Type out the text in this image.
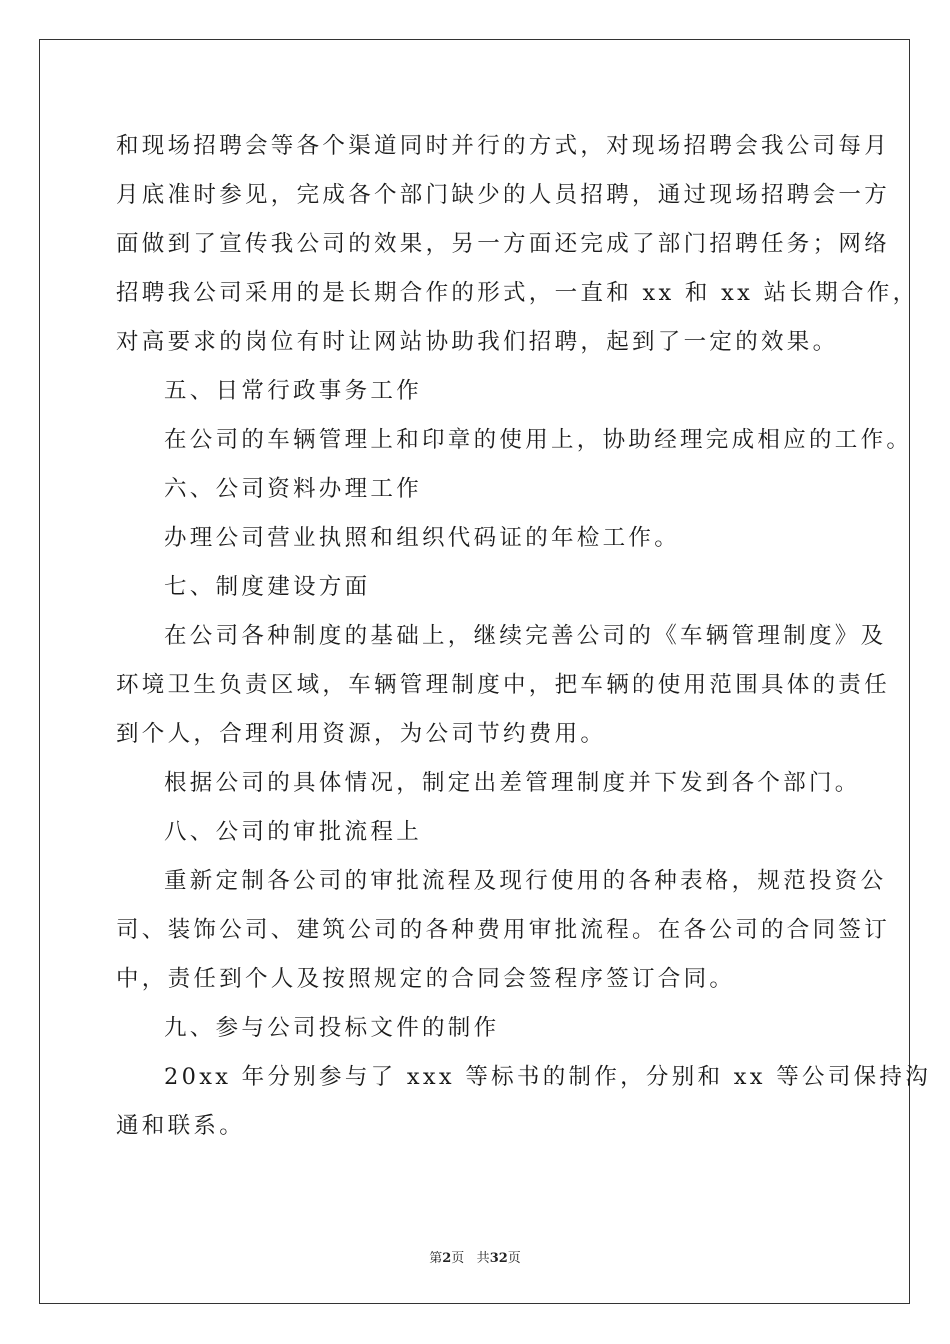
和现场招聘会等各个渠道同时并行的方式，对现场招聘会我公司每月
月底准时参见，完成各个部门缺少的人员招聘，通过现场招聘会一方
面做到了宣传我公司的效果，另一方面还完成了部门招聘任务；网络
招聘我公司采用的是长期合作的形式，一直和 xx 和 xx 站长期合作，
对高要求的岗位有时让网站协助我们招聘，起到了一定的效果。
五、日常行政事务工作
在公司的车辆管理上和印章的使用上，协助经理完成相应的工作。
六、公司资料办理工作
办理公司营业执照和组织代码证的年检工作。
七、制度建设方面
在公司各种制度的基础上，继续完善公司的《车辆管理制度》及
环境卫生负责区域，车辆管理制度中，把车辆的使用范围具体的责任
到个人，合理利用资源，为公司节约费用。
根据公司的具体情况，制定出差管理制度并下发到各个部门。
八、公司的审批流程上
重新定制各公司的审批流程及现行使用的各种表格，规范投资公
司、装饰公司、建筑公司的各种费用审批流程。在各公司的合同签订
中，责任到个人及按照规定的合同会签程序签订合同。
九、参与公司投标文件的制作
20xx 年分别参与了 xxx 等标书的制作，分别和 xx 等公司保持沟
通和联系。
第2页 共32页
